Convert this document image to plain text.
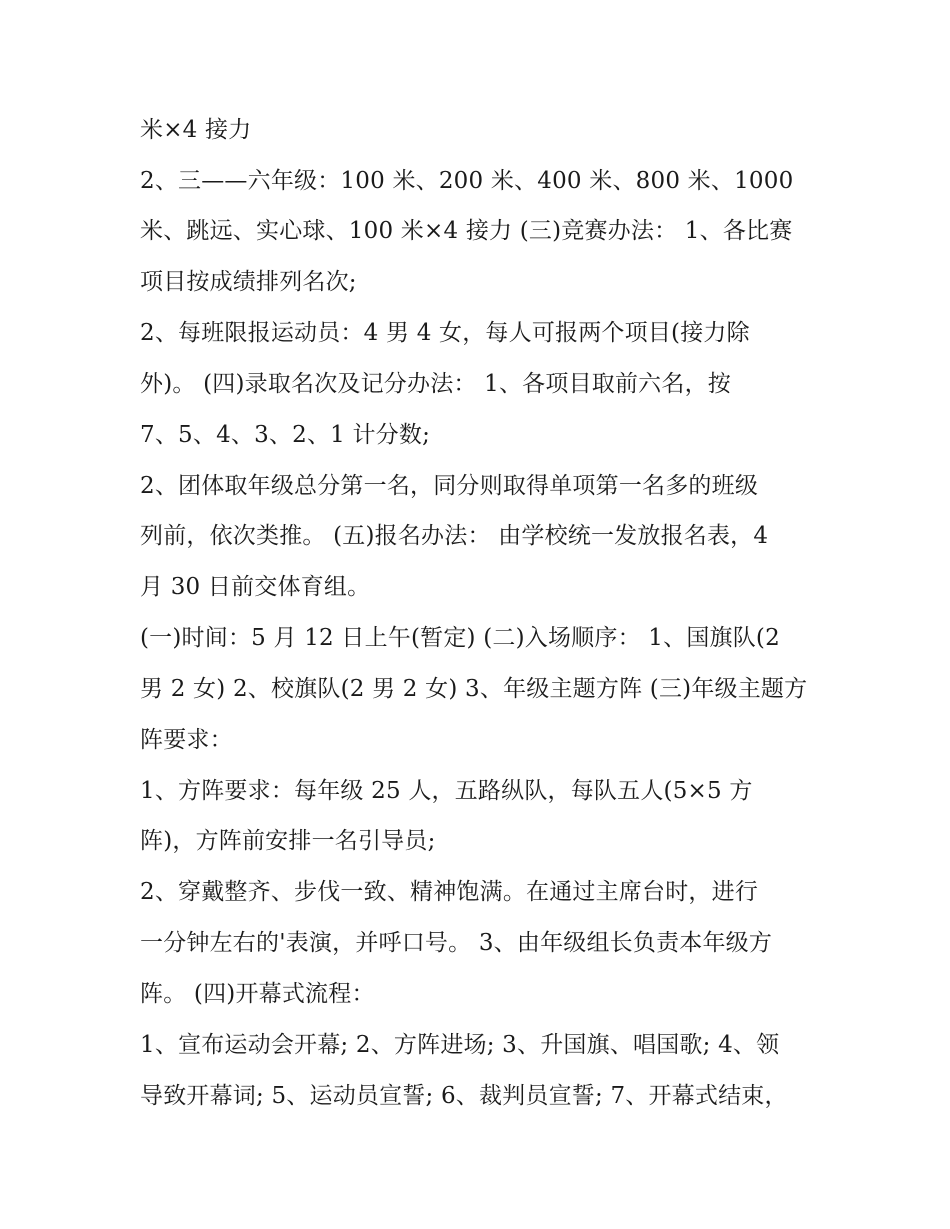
米×4 接力

2、三——六年级：100 米、200 米、400 米、800 米、1000

米、跳远、实心球、100 米×4 接力 (三)竞赛办法： 1、各比赛

项目按成绩排列名次;

2、每班限报运动员：4 男 4 女，每人可报两个项目(接力除

外)。 (四)录取名次及记分办法： 1、各项目取前六名，按

7、5、4、3、2、1 计分数;

2、团体取年级总分第一名，同分则取得单项第一名多的班级

列前，依次类推。 (五)报名办法： 由学校统一发放报名表，4

月 30 日前交体育组。

(一)时间：5 月 12 日上午(暂定) (二)入场顺序： 1、国旗队(2

男 2 女) 2、校旗队(2 男 2 女) 3、年级主题方阵 (三)年级主题方

阵要求：

1、方阵要求：每年级 25 人，五路纵队，每队五人(5×5 方

阵)，方阵前安排一名引导员;

2、穿戴整齐、步伐一致、精神饱满。在通过主席台时，进行

一分钟左右的'表演，并呼口号。 3、由年级组长负责本年级方

阵。 (四)开幕式流程：

1、宣布运动会开幕; 2、方阵进场; 3、升国旗、唱国歌; 4、领

导致开幕词; 5、运动员宣誓; 6、裁判员宣誓; 7、开幕式结束，
